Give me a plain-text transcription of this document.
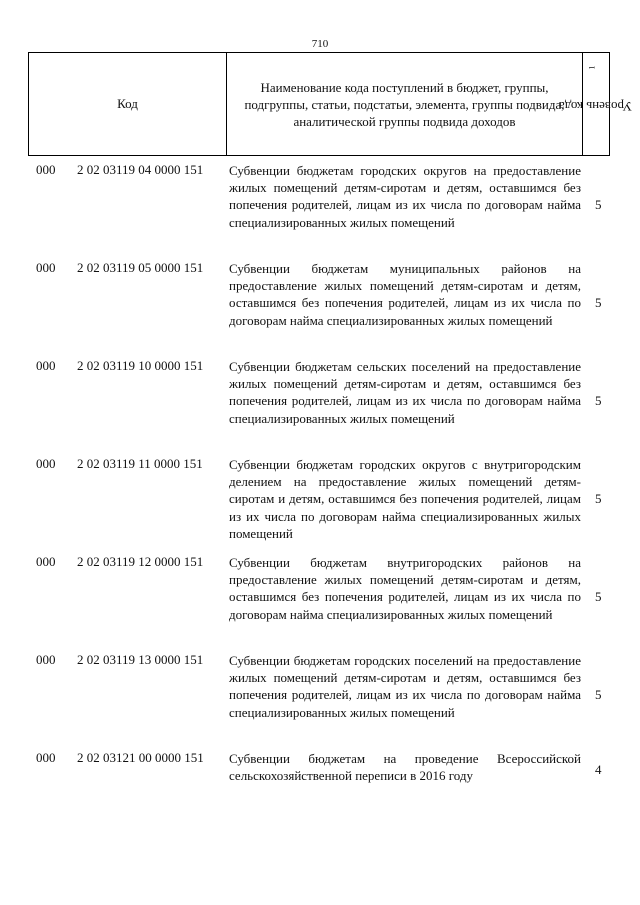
710
Код
Наименование кода поступлений в бюджет, группы, подгруппы, статьи, подстатьи, элемента, группы подвида, аналитической группы подвида доходов
Уровень кода$^1$
000 2 02 03119 04 0000 151 Субвенции бюджетам городских округов на предоставление жилых помещений детям-сиротам и детям, оставшимся без попечения родителей, лицам из их числа по договорам найма специализированных жилых помещений
5
000 2 02 03119 05 0000 151 Субвенции бюджетам муниципальных районов на предоставление жилых помещений детям-сиротам и детям, оставшимся без попечения родителей, лицам из их числа по договорам найма специализированных жилых помещений
5
000 2 02 03119 10 0000 151 Субвенции бюджетам сельских поселений на предоставление жилых помещений детям-сиротам и детям, оставшимся без попечения родителей, лицам из их числа по договорам найма специализированных жилых помещений
5
000 2 02 03119 11 0000 151 Субвенции бюджетам городских округов с внутригородским делением на предоставление жилых помещений детям-сиротам и детям, оставшимся без попечения родителей, лицам из их числа по договорам найма специализированных жилых помещений
5
000 2 02 03119 12 0000 151 Субвенции бюджетам внутригородских районов на предоставление жилых помещений детям-сиротам и детям, оставшимся без попечения родителей, лицам из их числа по договорам найма специализированных жилых помещений
5
000 2 02 03119 13 0000 151 Субвенции бюджетам городских поселений на предоставление жилых помещений детям-сиротам и детям, оставшимся без попечения родителей, лицам из их числа по договорам найма специализированных жилых помещений
5
000 2 02 03121 00 0000 151 Субвенции бюджетам на проведение Всероссийской сельскохозяйственной переписи в 2016 году	4
